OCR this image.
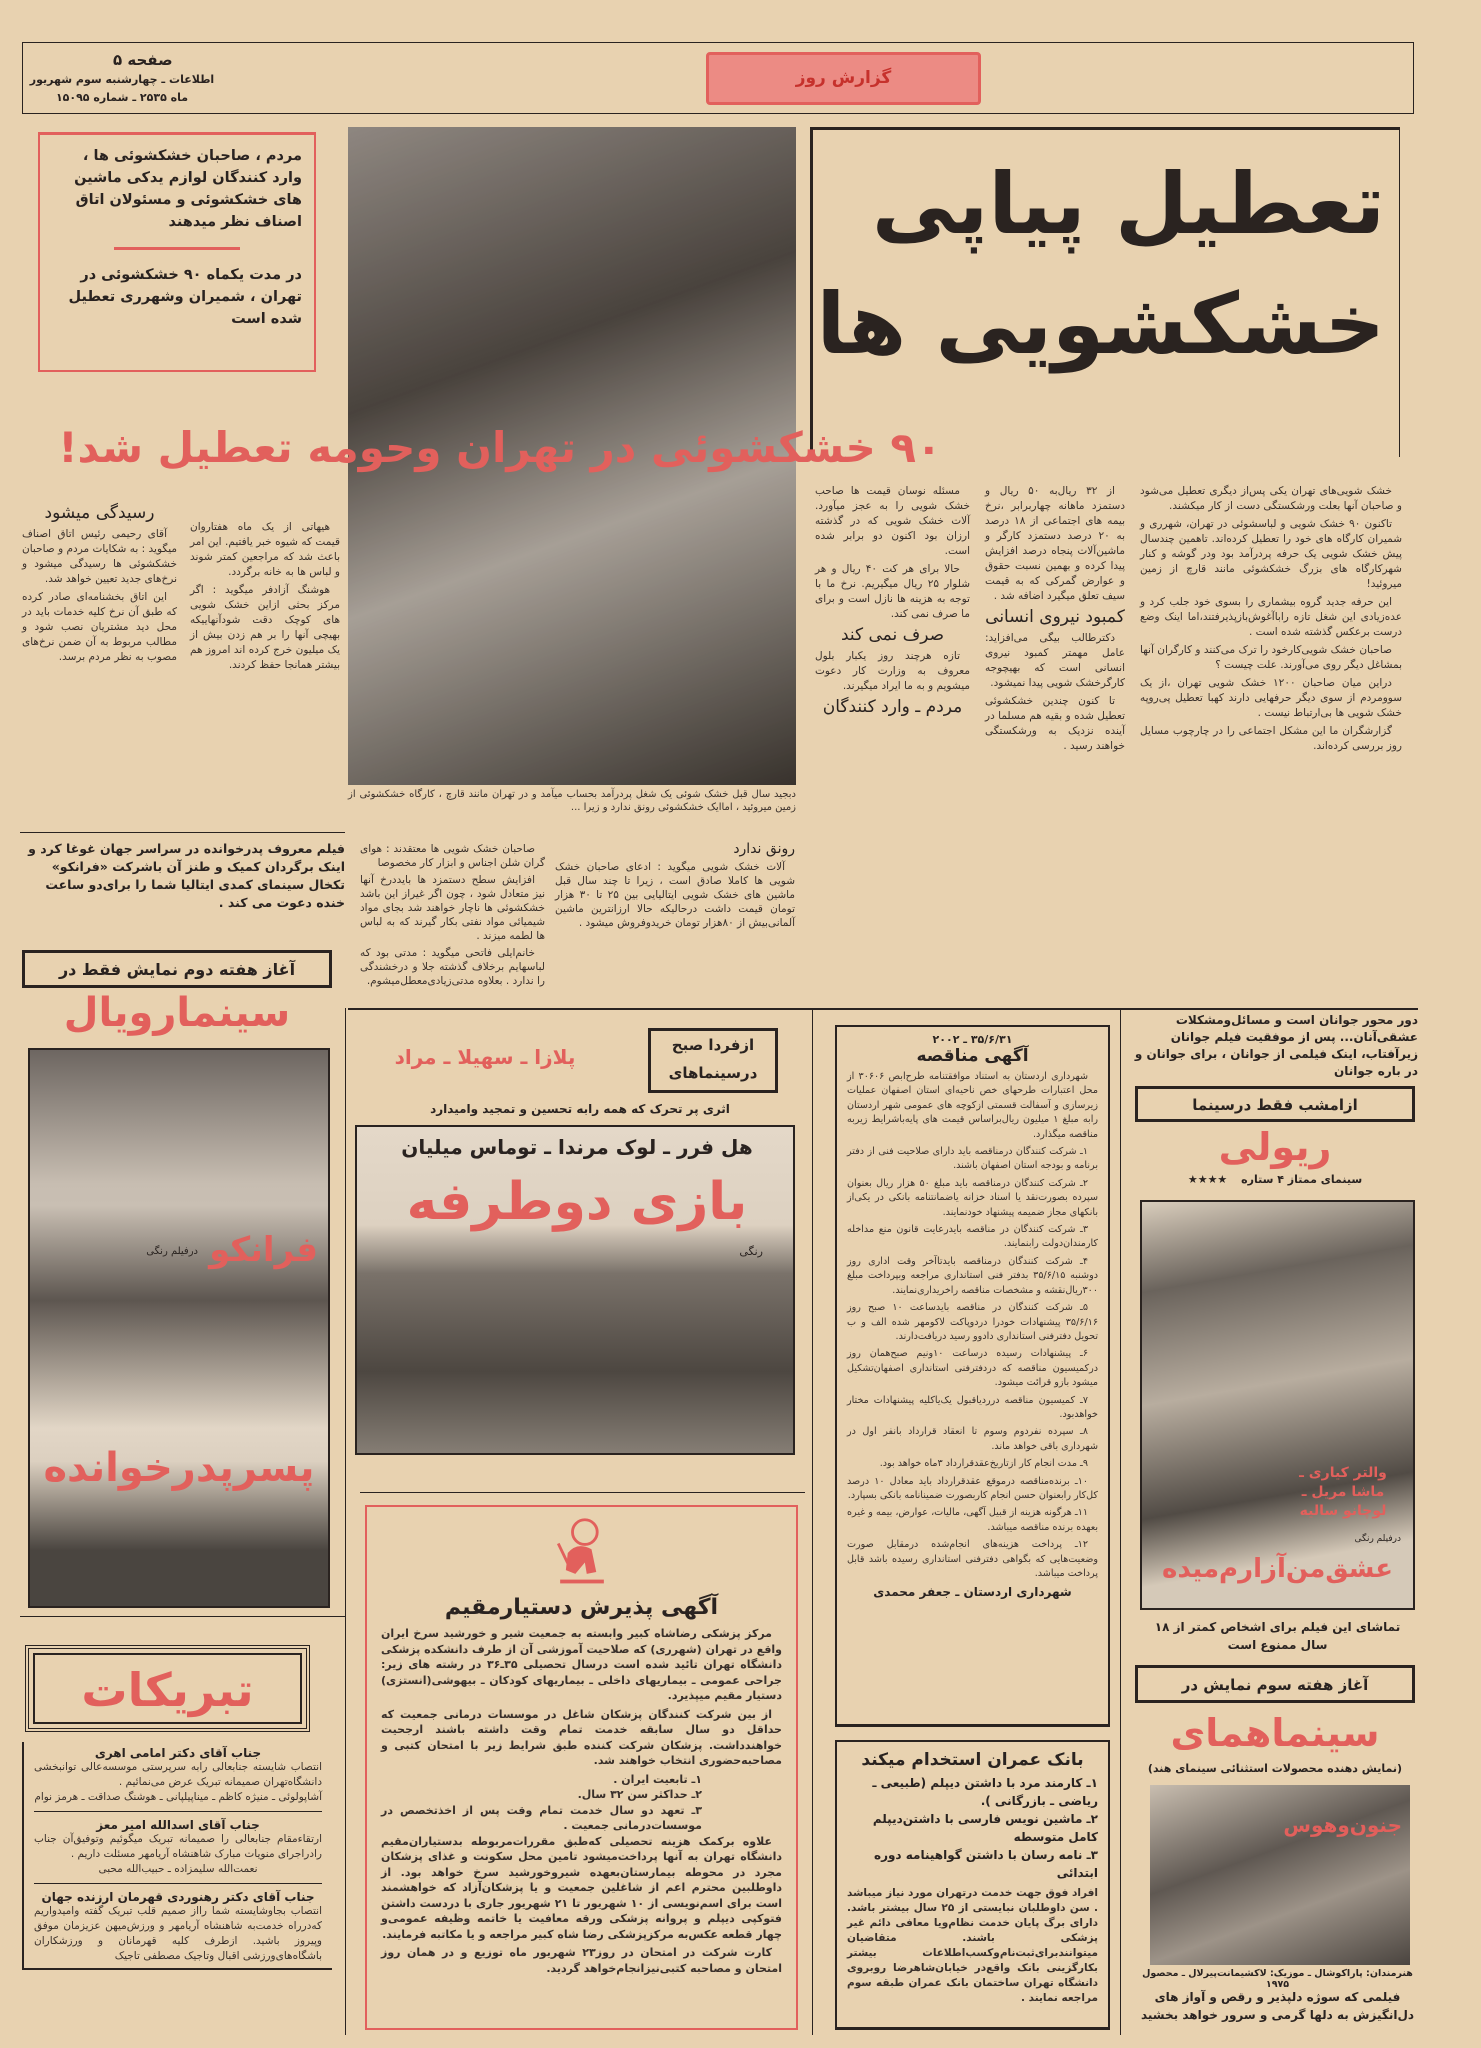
صفحه ۵
اطلاعات ـ چهارشنبه سوم شهریور
ماه ۲۵۳۵ ـ شماره ۱۵۰۹۵
گزارش روز
تعطیل پیاپی
خشکشویی ها
مردم ، صاحبان خشکشوئی ها ، وارد کنندگان لوازم یدکی ماشین های خشکشوئی و مسئولان اتاق اصناف نظر میدهند
در مدت یکماه ۹۰ خشکشوئی در تهران ، شمیران وشهرری تعطیل شده است
دبجید سال قبل خشک شوئی یک شغل پردرآمد بحساب میآمد و در تهران مانند قارچ ، کارگاه خشکشوئی از زمین میروئید ، اماایک خشکشوئی رونق ندارد و زیرا ...
۹۰ خشکشوئی در تهران وحومه تعطیل شد!

خشک شویی‌های تهران یکی پس‌از دیگری تعطیل می‌شود و صاحبان آنها بعلت ورشکستگی دست از کار میکشند.

تاکنون ۹۰ خشک شویی و لباسشوئی در تهران، شهرری و شمیران کارگاه های خود را تعطیل کرده‌اند. تاهمین چندسال پیش خشک شویی یک حرفه پردرآمد بود ودر گوشه و کنار شهرکارگاه های بزرگ خشکشوئی مانند قارچ از زمین میروئید!

این حرفه جدید گروه بیشماری را بسوی خود جلب کرد و عده‌زیادی این شغل تازه رابا‌آغوش‌باز‌پذیرفتند،اما اینک وضع درست برعکس گذشته شده است .

صاحبان خشک شویی‌کارخود را ترک می‌کنند و کارگران آنها بمشاغل دیگر روی می‌آورند. علت چیست ؟

دراین میان صاحبان ۱۲۰۰ خشک شویی تهران ،از یک سوومردم از سوی دیگر حرفهایی دارند کهبا تعطیل پی‌روپه خشک شویی ها بی‌ارتباط نیست .

گزارشگران ما این مشکل اجتماعی را در چارچوب مسایل روز بررسی کرده‌اند.

از ۳۲ ریال‌به ۵۰ ریال و دستمزد ماهانه چهاربرابر ،نرخ بیمه های اجتماعی از ۱۸ درصد به ۲۰ درصد دستمزد کارگر و ماشین‌آلات پنجاه درصد افزایش پیدا کرده و بهمین نسبت حقوق و عوارض گمرکی که به قیمت سیف تعلق میگیرد اضافه شد .

کمبود نیروی انسانی

دکترطالب بیگی می‌افزاید: عامل مهمتر کمبود نیروی انسانی است که بهیچوجه کارگرخشک شویی پیدا نمیشود.

تا کنون چندین خشکشوئی تعطیل شده و بقیه هم مسلما در آینده نزدیک به ورشکستگی خواهند رسید .

مسئله نوسان قیمت ها صاحب خشک شویی را به عجز میآورد. آلات خشک شویی که در گذشته ارزان بود اکنون دو برابر شده است.

حالا برای هر کت ۴۰ ریال و هر شلوار ۲۵ ریال میگیریم. نرخ ما با توجه به هزینه ها نازل است و برای ما صرف نمی کند.

صرف نمی کند

تازه هرچند روز یکبار بلول معروف به وزارت کار دعوت میشویم و به ما ایراد میگیرند.

مردم ـ وارد کنندگان
رونق ندارد

آلات خشک شویی میگوید : ادعای صاحبان خشک شویی ها کاملا صادق است ، زیرا تا چند سال قبل ماشین های خشک شویی ایتالیایی بین ۲۵ تا ۳۰ هزار تومان قیمت داشت درحالیکه حالا ارزانترین ماشین آلمانی‌بیش از ۸۰هزار تومان خریدوفروش میشود .

صاحبان خشک شویی ها معتقدند : هوای گران شلن اجناس و ابزار کار مخصوصا

افزایش سطح دستمزد ها باید‌درخ آنها نیز متعادل شود ، چون اگر غیراز این باشد خشکشوئی ها ناچار خواهند شد بجای مواد شیمیائی مواد نفتی بکار گیرند که به لباس ها لطمه میزند .

خانم‌ایلی فاتحی میگوید : مدتی بود که لباسهایم برخلاف گذشته جلا و درخشندگی را ندارد . بعلاوه مدتی‌زیادی‌معطل‌میشوم.

هیهاتی از یک ماه هفتاروان قیمت که شیوه خبر یافتیم. این امر باعث شد که مراجعین کمتر شوند و لباس ها به خانه برگردد.

هوشنگ آزادفر میگوید : اگر مرکز بحثی ازاین خشک شویی های کوچک دقت شودآنهاییکه بهیچی آنها را بر هم زدن بیش از یک میلیون خرج کرده اند امروز هم بیشتر همانجا حفظ کردند.

رسیدگی میشود

آقای رحیمی رئیس اتاق اصناف میگوید : به شکایات مردم و صاحبان خشکشوئی ها رسیدگی میشود و نرخ‌های جدید تعیین خواهد شد.

این اتاق بخشنامه‌ای صادر کرده که طبق آن نرخ کلیه خدمات باید در محل دید مشتریان نصب شود و مطالب مربوط به آن ضمن نرخ‌های مصوب به نظر مردم برسد.

فیلم معروف پدرخوانده در سراسر جهان غوغا کرد و اینک برگردان کمیک و طنز آن باشرکت «فرانکو» تکخال سینمای کمدی ایتالیا شما را برای‌دو ساعت خنده دعوت می کند .
آغاز هفته دوم نمایش فقط در
سینمارویال
فرانکو
درفیلم رنگی
پسرپدرخوانده
تبریکات
جناب آقای دکتر امامی اهری
انتصاب شایسته جنابعالی رابه سرپرستی موسسه‌عالی توانبخشی دانشگاه‌تهران صمیمانه تبریک عرض می‌نمائیم .
آشاپولوئی ـ منیژه کاظم ـ میناپیلپانی ـ هوشنگ صداقت ـ هرمز نوام
جناب آقای اسدالله امیر معز
ارتقاءمقام جنابعالی را صمیمانه تبریک میگوئیم وتوفیق‌آن جناب رادراجرای منویات مبارک شاهنشاه آریامهر مسئلت داریم .
نعمت‌الله سلیمزاده ـ حبیب‌الله محبی
جناب آقای دکتر رهنوردی قهرمان ارزنده جهان
انتصاب بجاوشایسته شما رااز صمیم قلب تبریک گفته وامیدواریم که‌درراه خدمت‌به شاهنشاه آریامهر و ورزش‌میهن عزیزمان موفق وپیروز باشید. ازطرف کلیه قهرمانان و ورزشکاران باشگاه‌های‌ورزشی اقبال وتاجیک مصطفی تاجیک
پلازا ـ سهیلا ـ مراد	ازفردا صبح
درسینماهای
اثری پر تحرک که همه رابه تحسین و تمجید وامیدارد
هل فرر ـ لوک مرندا ـ توماس میلیان
بازی دوطرفه
رنگی
آگهی پذیرش دستیارمقیم

مرکز پزشکی رضاشاه کبیر وابسته به جمعیت شیر و خورشید سرخ ایران واقع در تهران (شهرری) که صلاحیت آموزشی آن از طرف دانشکده پزشکی دانشگاه تهران تائید شده است درسال تحصیلی ۳۵ـ۳۶ در رشته های زیر: جراحی عمومی ـ بیماریهای داخلی ـ بیماریهای کودکان ـ بیهوشی(انستزی) دستیار مقیم میپذیرد.

از بین شرکت کنندگان پزشکان شاغل در موسسات درمانی جمعیت که حداقل دو سال سابقه خدمت تمام وقت داشته باشند ارجحیت خواهندداشت. پزشکان شرکت کننده طبق شرایط زیر با امتحان کتبی و مصاحبه‌حضوری انتخاب خواهند شد.

۱ـ تابعیت ایران .
۲ـ حداکثر سن ۳۲ سال.
۳ـ تعهد دو سال خدمت تمام وقت پس از اخذتخصص در موسسات‌درمانی جمعیت .

علاوه برکمک هزینه تحصیلی که‌طبق مقررات‌مربوطه بدستیاران‌مقیم دانشگاه تهران به آنها پرداخت‌میشود تامین محل سکونت و غذای پزشکان مجرد در محوطه بیمارستان‌بعهده شیروخورشید سرخ خواهد بود. از داوطلبین محترم اعم از شاغلین جمعیت و یا پزشکان‌آزاد که خواهشمند است برای اسم‌نویسی از ۱۰ شهریور تا ۲۱ شهریور جاری با دردست داشتن فتوکپی دیپلم و پروانه پزشکی ورقه معافیت یا خاتمه وظیفه عمومی‌و چهار قطعه عکس‌به مرکزپزشکی رضا شاه کبیر مراجعه و یا مکاتبه فرمایند.

کارت شرکت در امتحان در روز۲۳ شهریور ماه توزیع و در همان روز امتحان و مصاحبه کتبی‌نیزانجام‌خواهد گردید.

۳۵/۶/۳۱ ـ ۲۰۰۲
آگهی مناقصه

شهرداری اردستان به استناد موافقتنامه طرح‌ابص ۳۰۶۰۶ از محل اعتبارات طرحهای خص ناحیه‌ای استان اصفهان عملیات زیرسازی و آسفالت قسمتی ازکوچه های عمومی شهر اردستان رابه مبلغ ۱ میلیون ریال‌براساس قیمت های پایه‌باشرایط زیربه مناقصه میگذارد.

۱ـ شرکت کنندگان درمناقصه باید دارای صلاحیت فنی از دفتر برنامه و بودجه استان اصفهان باشند.

۲ـ شرکت کنندگان درمناقصه باید مبلغ ۵۰ هزار ریال بعنوان سپرده بصورت‌نقد یا اسناد خزانه یاضمانتنامه بانکی در یکی‌از بانکهای مجاز ضمیمه پیشنهاد خودنمایند.

۳ـ شرکت کنندگان در مناقصه بایدرعایت قانون منع مداخله کارمندان‌دولت رابنمایند.

۴ـ شرکت کنندگان درمناقصه بایدتاآخر وقت اداری روز دوشنبه ۳۵/۶/۱۵ بدفتر فنی استانداری مراجعه وبپرداخت مبلغ ۳۰۰ریال‌نقشه و مشخصات مناقصه راخریداری‌نمایند.

۵ـ شرکت کنندگان در مناقصه بایدساعت ۱۰ صبح روز ۳۵/۶/۱۶ پیشنهادات خودرا دردوپاکت لاکومهر شده الف و ب تحویل دفترفنی استانداری دادوو رسید دریافت‌دارند.

۶ـ پیشنهادات رسیده درساعت ۱۰ونیم صبح‌همان روز درکمیسیون مناقصه که دردفترفنی استانداری اصفهان‌تشکیل میشود بازو قرائت میشود.

۷ـ کمیسیون مناقصه دررد‌یاقبول یک‌یاکلیه پیشنهادات مختار خواهدبود.

۸ـ سپرده نفردوم وسوم تا انعقاد قرارداد بانفر اول در شهرداری باقی خواهد ماند.

۹ـ مدت انجام کار ازتاریخ‌عقدقرارداد ۳ماه خواهد بود.

۱۰ـ برنده‌مناقصه درموقع عقدقرارداد باید معادل ۱۰ درصد کل‌کار رابعنوان حسن انجام کاربصورت ضمینانامه بانکی بسپارد.

۱۱ـ هرگونه هزینه از قبیل آگهی، مالیات، عوارض، بیمه و غیره بعهده برنده مناقصه میباشد.

۱۲ـ پرداخت هزینه‌های انجام‌شده درمقابل صورت وضعیت‌هایی که بگواهی دفترفنی استانداری رسیده باشد قابل پرداخت میباشد.

شهرداری اردستان ـ جعفر محمدی
بانک عمران استخدام میکند
۱ـ کارمند مرد با داشتن دیپلم (طبیعی ـ ریاضی ـ بازرگانی ).
۲ـ ماشین نویس فارسی با داشتن‌دیپلم کامل متوسطه
۳ـ نامه رسان با داشتن گواهینامه دوره ابتدائی
افراد فوق جهت خدمت درتهران مورد نیاز میباشد . سن داوطلبان نبایستی از ۲۵ سال بیشتر باشد. دارای برگ پایان خدمت نظام‌ویا معافی دائم غیر پزشکی باشند. متقاضیان میتوانندبرای‌ثبت‌نام‌وکسب‌اطلاعات بیشتر بکارگزینی بانک واقع‌در خیابان‌شاهرضا روبروی دانشگاه تهران ساختمان بانک عمران طبقه سوم مراجعه نمایند .
دور محور جوانان است و مسائل‌ومشکلات عشقی‌آنان... پس از موفقیت فیلم جوانان زیرآفتاب، اینک فیلمی از جوانان ، برای جوانان و در باره جوانان
ازامشب فقط درسینما
ریولی
سینمای ممتاز ۴ ستاره ★★★★
والتر کیاری ـ ماشا مریل ـ لوچانو سالیه
درفیلم رنگی
عشق‌من‌آزارم‌میده
تماشای این فیلم برای اشخاص کمتر از ۱۸ سال ممنوع است
آغاز هفته سوم نمایش در
سینماهمای
(نمایش دهنده محصولات استثنائی سینمای هند)
جنون‌وهوس
هنرمندان: پاراکوشال ـ موزیک: لاکشیمانت‌پیرلال ـ محصول ۱۹۷۵
فیلمی که سوژه دلپذیر و رقص و آواز های دل‌انگیزش به دلها گرمی و سرور خواهد بخشید
